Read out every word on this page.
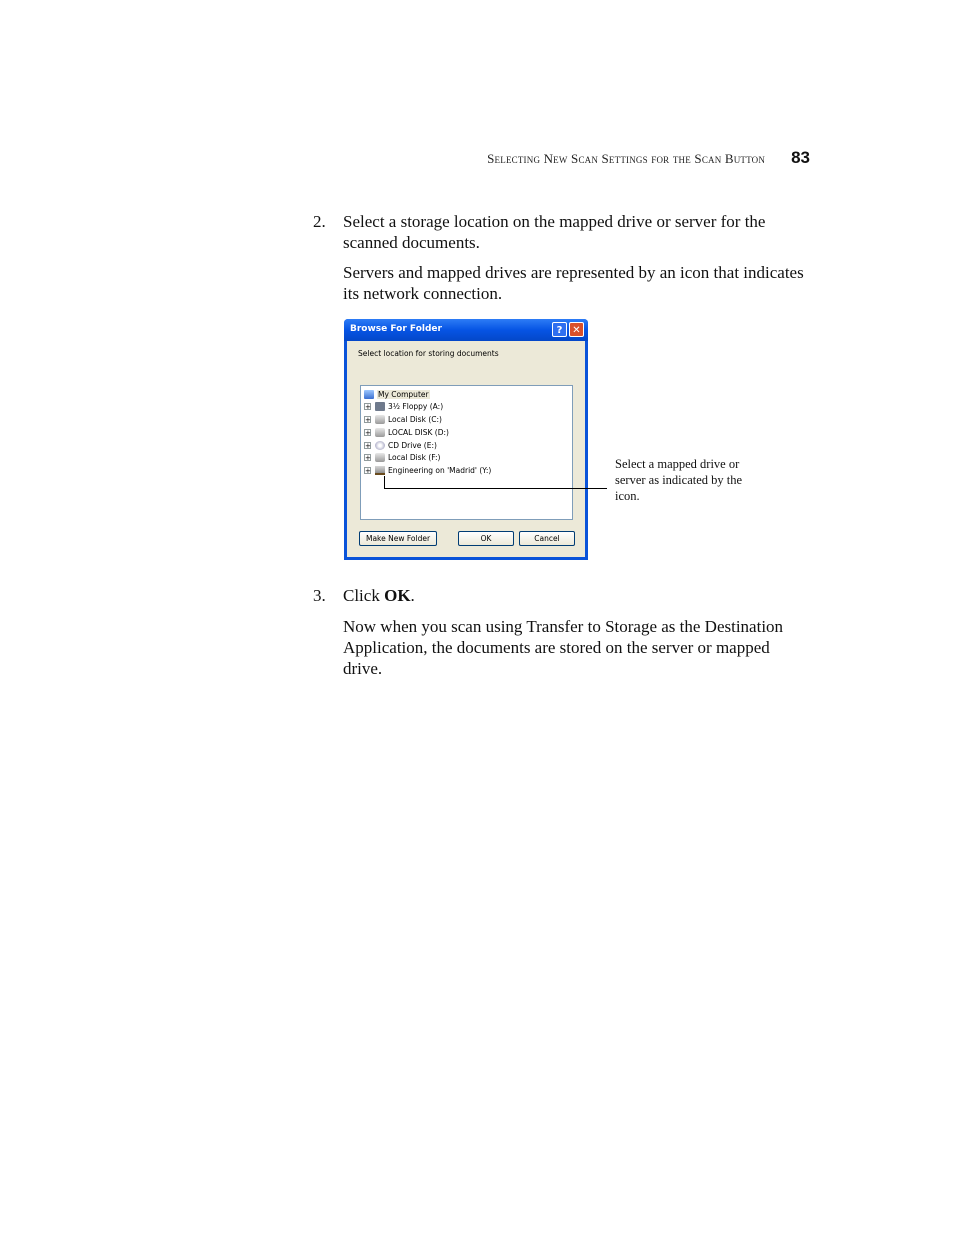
Selecting New Scan Settings for the Scan Button 83
2. Select a storage location on the mapped drive or server for the scanned documents.
Servers and mapped drives are represented by an icon that indicates its network connection.
Browse For Folder	? ✕
Select location for storing documents
My Computer
+ 3½ Floppy (A:)
+ Local Disk (C:)
+ LOCAL DISK (D:)
+ CD Drive (E:)
+ Local Disk (F:)
+ Engineering on 'Madrid' (Y:)
Make New Folder	OK	Cancel
Select a mapped drive or server as indicated by the icon.
3. Click OK.
Now when you scan using Transfer to Storage as the Destination Application, the documents are stored on the server or mapped drive.
